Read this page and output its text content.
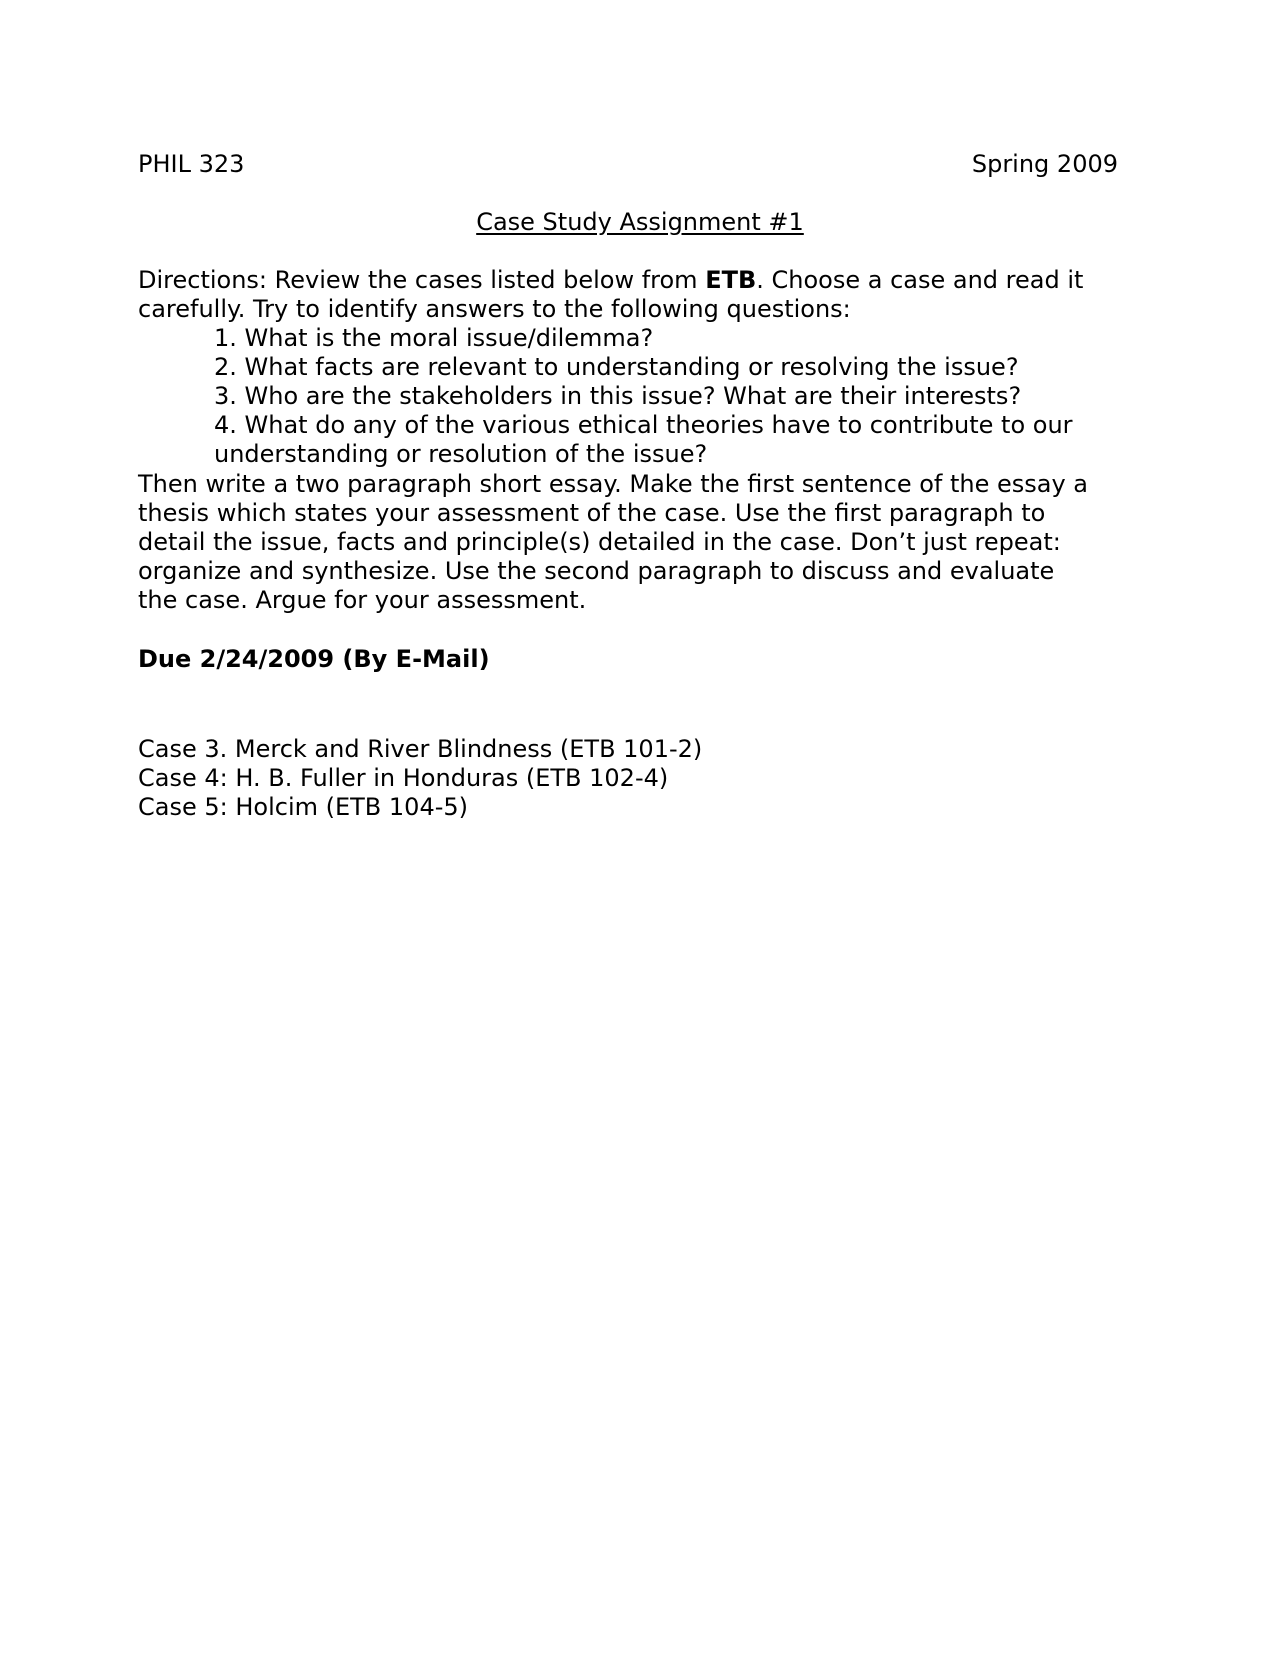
PHIL 323	Spring 2009

Case Study Assignment #1

Directions: Review the cases listed below from ETB. Choose a case and read it
carefully. Try to identify answers to the following questions:
1. What is the moral issue/dilemma?
2. What facts are relevant to understanding or resolving the issue?
3. Who are the stakeholders in this issue? What are their interests?
4. What do any of the various ethical theories have to contribute to our
understanding or resolution of the issue?
Then write a two paragraph short essay. Make the first sentence of the essay a
thesis which states your assessment of the case. Use the first paragraph to
detail the issue, facts and principle(s) detailed in the case. Don’t just repeat:
organize and synthesize. Use the second paragraph to discuss and evaluate
the case. Argue for your assessment.

Due 2/24/2009 (By E-Mail)

Case 3. Merck and River Blindness (ETB 101-2)
Case 4: H. B. Fuller in Honduras (ETB 102-4)
Case 5: Holcim (ETB 104-5)
